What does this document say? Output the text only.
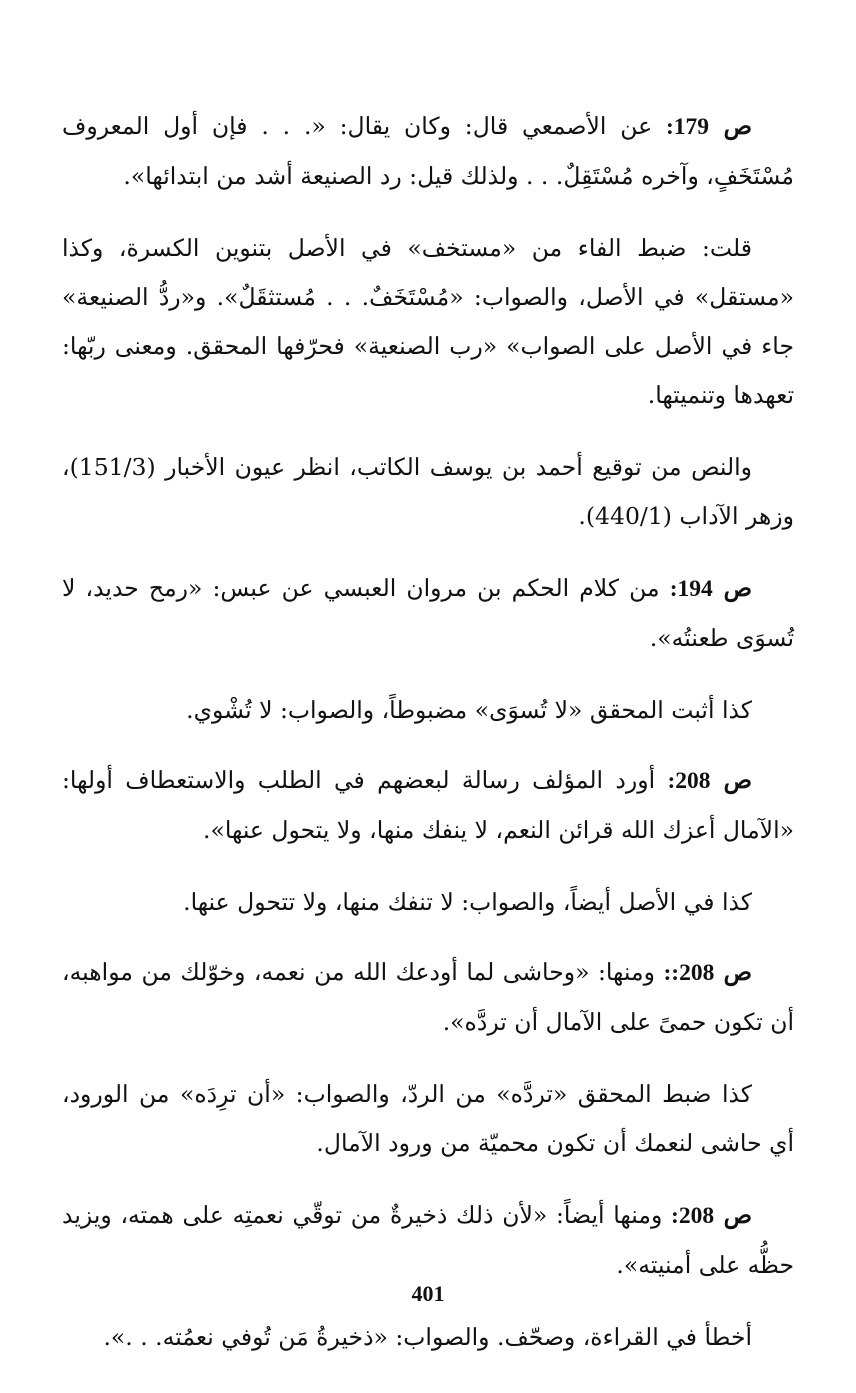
ص 179: عن الأصمعي قال: وكان يقال: «. . . فإن أول المعروف مُسْتَخَفٍ، وآخره مُسْتَقِلٌ. . . ولذلك قيل: رد الصنيعة أشد من ابتدائها».

قلت: ضبط الفاء من «مستخف» في الأصل بتنوين الكسرة، وكذا «مستقل» في الأصل، والصواب: «مُسْتَخَفٌ. . . مُستثقَلٌ». و«ردُّ الصنيعة» جاء في الأصل على الصواب» «رب الصنعية» فحرّفها المحقق. ومعنى ربّها: تعهدها وتنميتها.

والنص من توقيع أحمد بن يوسف الكاتب، انظر عيون الأخبار (151/3)، وزهر الآداب (440/1).

ص 194: من كلام الحكم بن مروان العبسي عن عبس: «رمح حديد، لا تُسوَى طعنتُه».

كذا أثبت المحقق «لا تُسوَى» مضبوطاً، والصواب: لا تُشْوي.

ص 208: أورد المؤلف رسالة لبعضهم في الطلب والاستعطاف أولها: «الآمال أعزك الله قرائن النعم، لا ينفك منها، ولا يتحول عنها».

كذا في الأصل أيضاً، والصواب: لا تنفك منها، ولا تتحول عنها.

ص 208:: ومنها: «وحاشى لما أودعك الله من نعمه، وخوّلك من مواهبه، أن تكون حمىً على الآمال أن تردَّه».

كذا ضبط المحقق «تردَّه» من الردّ، والصواب: «أن ترِدَه» من الورود، أي حاشى لنعمك أن تكون محميّة من ورود الآمال.

ص 208: ومنها أيضاً: «لأن ذلك ذخيرةٌ من توقّي نعمتِه على همته، ويزيد حظُّه على أمنيته».

أخطأ في القراءة، وصحّف. والصواب: «ذخيرةُ مَن تُوفي نعمُته. . .».

401
